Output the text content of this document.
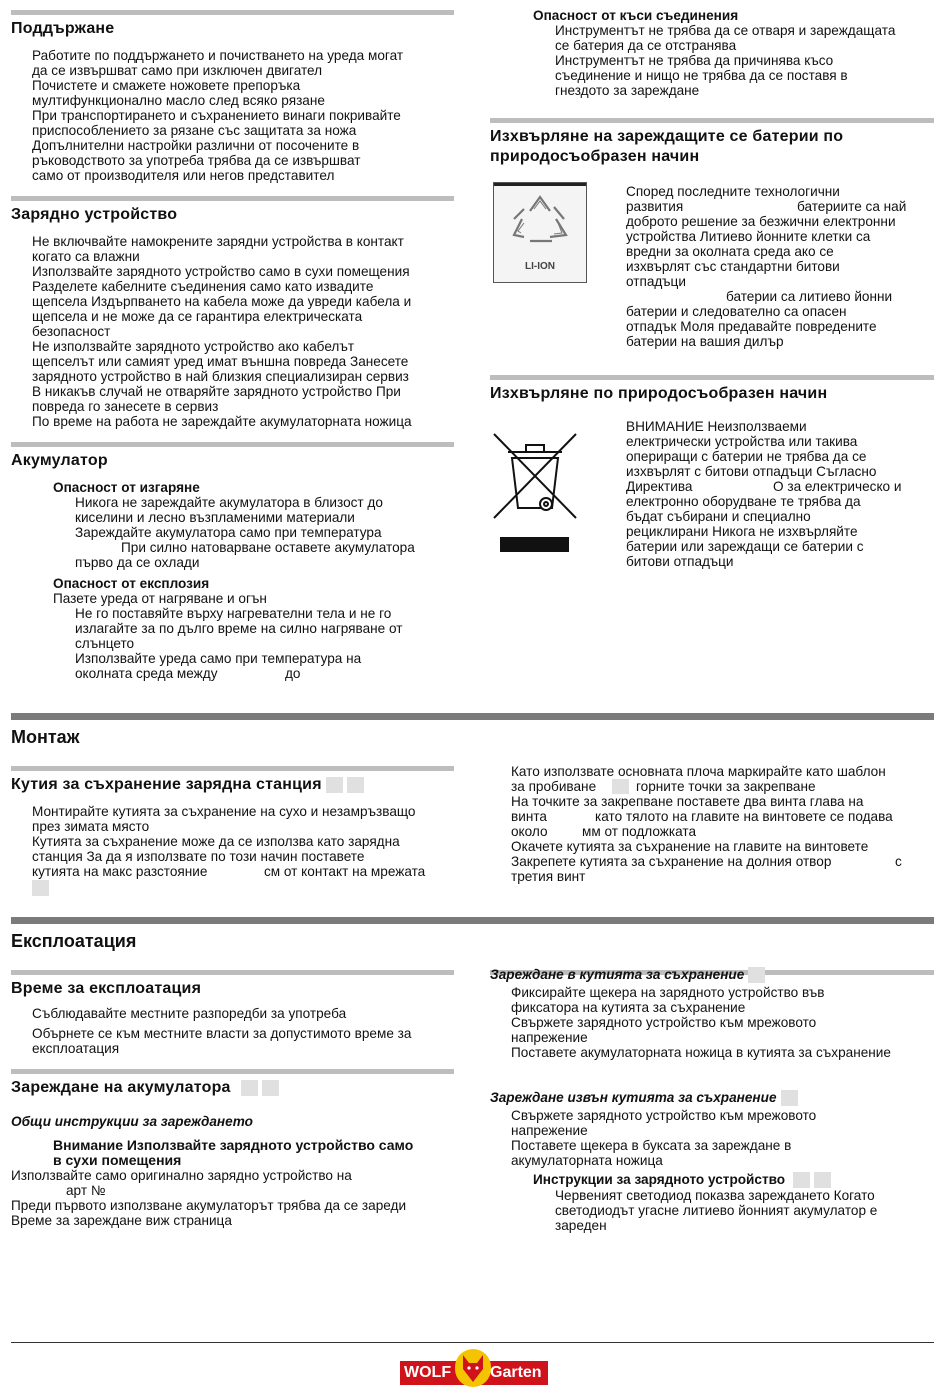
Поддържане
Работите по поддържането и почистването на уреда могат
да се извършват само при изключен двигател
Почистете и смажете ножовете препоръка
мултифункционално масло след всяко рязане
При транспортирането и съхранението винаги покривайте
приспособлението за рязане със защитата за ножа
Допълнителни настройки различни от посочените в
ръководството за употреба трябва да се извършват
само от производителя или негов представител
Зарядно устройство
Не включвайте намокрените зарядни устройства в контакт
когато са влажни
Използвайте зарядното устройство само в сухи помещения
Разделете кабелните съединения само като извадите
щепсела Издърпването на кабела може да увреди кабела и
щепсела и не може да се гарантира електрическата
безопасност
Не използвайте зарядното устройство ако кабелът
щепселът или самият уред имат външна повреда Занесете
зарядното устройство в най близкия специализиран сервиз
В никакъв случай не отваряйте зарядното устройство При
повреда го занесете в сервиз
По време на работа не зареждайте акумулаторната ножица
Акумулатор
Опасност от изгаряне
Никога не зареждайте акумулатора в близост до
киселини и лесно възпламеними материали
Зареждайте акумулатора само при температура
При силно натоварване оставете акумулатора
първо да се охлади
Опасност от експлозия
Пазете уреда от нагряване и огън
Не го поставяйте върху нагревателни тела и не го
излагайте за по дълго време на силно нагряване от
слънцето
Използвайте уреда само при температура на
околната среда между	до
Опасност от къси съединения
Инструментът не трябва да се отваря и зареждащата
се батерия да се отстранява
Инструментът не трябва да причинява късо
съединение и нищо не трябва да се поставя в
гнездото за зареждане
Изхвърляне на зареждащите се батерии по
природосъобразен начин
LI-ION
Според последните технологични
развития	батериите са най
доброто решение за безжични електронни
устройства Литиево йонните клетки са
вредни за околната среда ако се
изхвърлят със стандартни битови
отпадъци
батерии са литиево йонни
батерии и следователно са опасен
отпадък Моля предавайте повредените
батерии на вашия дилър
Изхвърляне по природосъобразен начин
ВНИМАНИЕ Неизползваеми
електрически устройства или такива
опериращи с батерии не трябва да се
изхвърлят с битови отпадъци Съгласно
Директива	О за електрическо и
електронно оборудване те трябва да
бъдат събирани и специално
рециклирани Никога не изхвърляйте
батерии или зареждащи се батерии с
битови отпадъци
Монтаж
Кутия за съхранение зарядна станция
Монтирайте кутията за съхранение на сухо и незамръзващо
през зимата място
Кутията за съхранение може да се използва като зарядна
станция За да я използвате по този начин поставете
кутията на макс разстояние	см от контакт на мрежата
Като използвате основната плоча маркирайте като шаблон
за пробиване	горните точки за закрепване
На точките за закрепване поставете два винта глава на
винта	като тялото на главите на винтовете се подава
около	мм от подложката
Окачете кутията за съхранение на главите на винтовете
Закрепете кутията за съхранение на долния отвор	с
третия винт
Експлоатация
Време за експлоатация
Съблюдавайте местните разпоредби за употреба
Обърнете се към местните власти за допустимото време за
експлоатация
Зареждане на акумулатора
Общи инструкции за зареждането
Внимание Използвайте зарядното устройство само
в сухи помещения
Използвайте само оригинално зарядно устройство на
арт №
Преди първото използване акумулаторът трябва да се зареди
Време за зареждане виж страница
Зареждане в кутията за съхранение
Фиксирайте щекера на зарядното устройство във
фиксатора на кутията за съхранение
Свържете зарядното устройство към мрежовото
напрежение
Поставете акумулаторната ножица в кутията за съхранение
Зареждане извън кутията за съхранение
Свържете зарядното устройство към мрежовото
напрежение
Поставете щекера в буксата за зареждане в
акумулаторната ножица
Инструкции за зарядното устройство
Червеният светодиод показва зареждането Когато
светодиодът угасне литиево йонният акумулатор е
зареден
WOLF Garten
